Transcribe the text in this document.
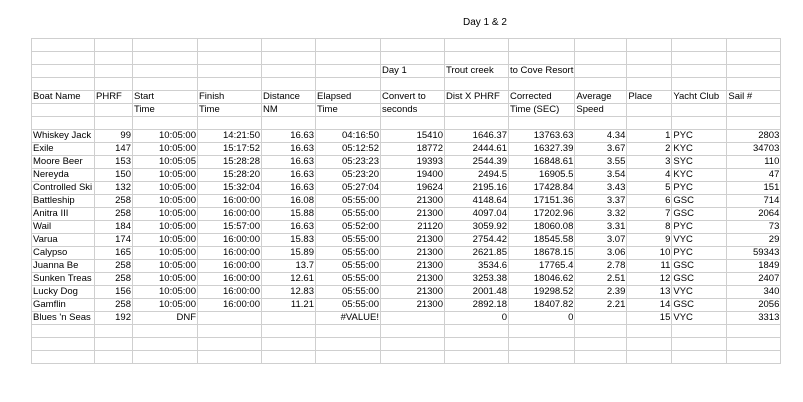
Day 1 & 2

						Day 1	Trout creek	to Cove Resort				

Boat Name	PHRF	Start	Finish	Distance	Elapsed	Convert to	Dist X PHRF	Corrected	Average	Place	Yacht Club	Sail #
		Time	Time	NM	Time	seconds		Time (SEC)	Speed			

Whiskey Jack	99	10:05:00	14:21:50	16.63	04:16:50	15410	1646.37	13763.63	4.34	1	PYC	2803
Exile	147	10:05:00	15:17:52	16.63	05:12:52	18772	2444.61	16327.39	3.67	2	KYC	34703
Moore Beer	153	10:05:05	15:28:28	16.63	05:23:23	19393	2544.39	16848.61	3.55	3	SYC	110
Nereyda	150	10:05:00	15:28:20	16.63	05:23:20	19400	2494.5	16905.5	3.54	4	KYC	47
Controlled Ski	132	10:05:00	15:32:04	16.63	05:27:04	19624	2195.16	17428.84	3.43	5	PYC	151
Battleship	258	10:05:00	16:00:00	16.08	05:55:00	21300	4148.64	17151.36	3.37	6	GSC	714
Anitra III	258	10:05:00	16:00:00	15.88	05:55:00	21300	4097.04	17202.96	3.32	7	GSC	2064
Wail	184	10:05:00	15:57:00	16.63	05:52:00	21120	3059.92	18060.08	3.31	8	PYC	73
Varua	174	10:05:00	16:00:00	15.83	05:55:00	21300	2754.42	18545.58	3.07	9	VYC	29
Calypso	165	10:05:00	16:00:00	15.89	05:55:00	21300	2621.85	18678.15	3.06	10	PYC	59343
Juanna Be	258	10:05:00	16:00:00	13.7	05:55:00	21300	3534.6	17765.4	2.78	11	GSC	1849
Sunken Treas	258	10:05:00	16:00:00	12.61	05:55:00	21300	3253.38	18046.62	2.51	12	GSC	2407
Lucky Dog	156	10:05:00	16:00:00	12.83	05:55:00	21300	2001.48	19298.52	2.39	13	VYC	340
Gamflin	258	10:05:00	16:00:00	11.21	05:55:00	21300	2892.18	18407.82	2.21	14	GSC	2056
Blues 'n Seas	192	DNF			#VALUE!		0	0		15	VYC	3313
